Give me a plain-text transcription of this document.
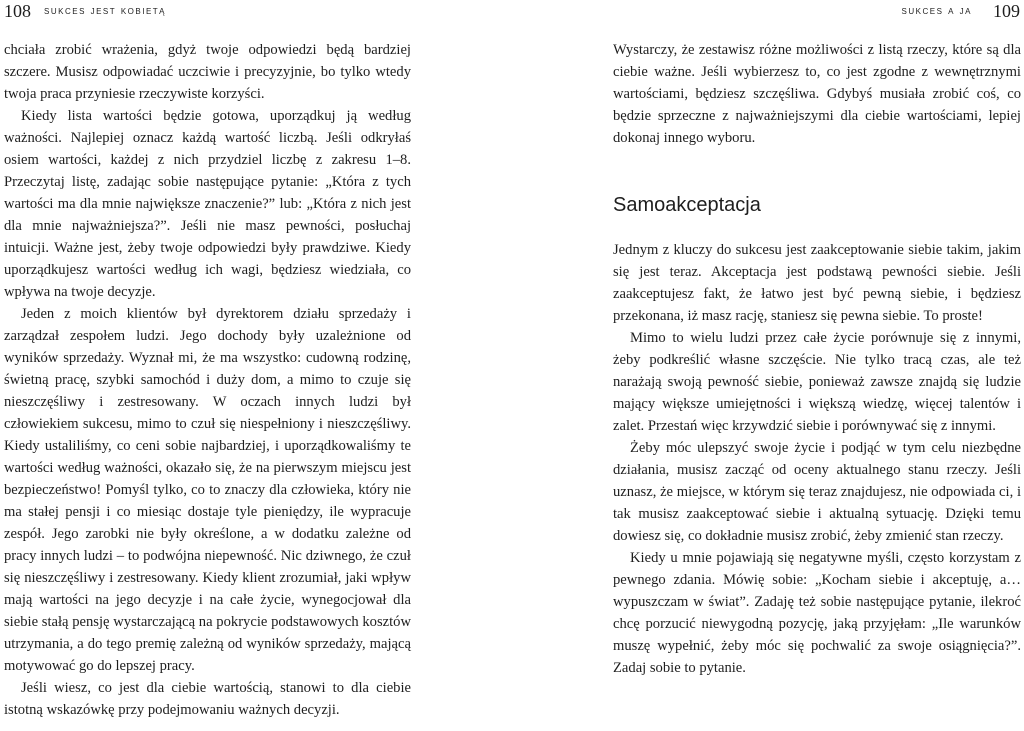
108 sukces jest kobietą

chciała zrobić wrażenia, gdyż twoje odpowiedzi będą bardziej szczere. Musisz odpowiadać uczciwie i precyzyjnie, bo tylko wtedy twoja praca przyniesie rzeczywiste korzyści.

Kiedy lista wartości będzie gotowa, uporządkuj ją według ważności. Najlepiej oznacz każdą wartość liczbą. Jeśli odkryłaś osiem wartości, każdej z nich przydziel liczbę z zakresu 1–8. Przeczytaj listę, zadając sobie następujące pytanie: „Która z tych wartości ma dla mnie największe znaczenie?” lub: „Która z nich jest dla mnie najważniejsza?”. Jeśli nie masz pewności, posłuchaj intuicji. Ważne jest, żeby twoje odpowiedzi były prawdziwe. Kiedy uporządkujesz wartości według ich wagi, będziesz wiedziała, co wpływa na twoje decyzje.

Jeden z moich klientów był dyrektorem działu sprzedaży i zarządzał zespołem ludzi. Jego dochody były uzależnione od wyników sprzedaży. Wyznał mi, że ma wszystko: cudowną rodzinę, świetną pracę, szybki samochód i duży dom, a mimo to czuje się nieszczęśliwy i zestresowany. W oczach innych ludzi był człowiekiem sukcesu, mimo to czuł się niespełniony i nieszczęśliwy. Kiedy ustaliliśmy, co ceni sobie najbardziej, i uporządkowaliśmy te wartości według ważności, okazało się, że na pierwszym miejscu jest bezpieczeństwo! Pomyśl tylko, co to znaczy dla człowieka, który nie ma stałej pensji i co miesiąc dostaje tyle pieniędzy, ile wypracuje zespół. Jego zarobki nie były określone, a w dodatku zależne od pracy innych ludzi – to podwójna niepewność. Nic dziwnego, że czuł się nieszczęśliwy i zestresowany. Kiedy klient zrozumiał, jaki wpływ mają wartości na jego decyzje i na całe życie, wynegocjował dla siebie stałą pensję wystarczającą na pokrycie podstawowych kosztów utrzymania, a do tego premię zależną od wyników sprzedaży, mającą motywować go do lepszej pracy.

Jeśli wiesz, co jest dla ciebie wartością, stanowi to dla ciebie istotną wskazówkę przy podejmowaniu ważnych decyzji.

sukces a ja 109

Wystarczy, że zestawisz różne możliwości z listą rzeczy, które są dla ciebie ważne. Jeśli wybierzesz to, co jest zgodne z wewnętrznymi wartościami, będziesz szczęśliwa. Gdybyś musiała zrobić coś, co będzie sprzeczne z najważniejszymi dla ciebie wartościami, lepiej dokonaj innego wyboru.

Samoakceptacja

Jednym z kluczy do sukcesu jest zaakceptowanie siebie takim, jakim się jest teraz. Akceptacja jest podstawą pewności siebie. Jeśli zaakceptujesz fakt, że łatwo jest być pewną siebie, i będziesz przekonana, iż masz rację, staniesz się pewna siebie. To proste!

Mimo to wielu ludzi przez całe życie porównuje się z innymi, żeby podkreślić własne szczęście. Nie tylko tracą czas, ale też narażają swoją pewność siebie, ponieważ zawsze znajdą się ludzie mający większe umiejętności i większą wiedzę, więcej talentów i zalet. Przestań więc krzywdzić siebie i porównywać się z innymi.

Żeby móc ulepszyć swoje życie i podjąć w tym celu niezbędne działania, musisz zacząć od oceny aktualnego stanu rzeczy. Jeśli uznasz, że miejsce, w którym się teraz znajdujesz, nie odpowiada ci, i tak musisz zaakceptować siebie i aktualną sytuację. Dzięki temu dowiesz się, co dokładnie musisz zrobić, żeby zmienić stan rzeczy.

Kiedy u mnie pojawiają się negatywne myśli, często korzystam z pewnego zdania. Mówię sobie: „Kocham siebie i akceptuję, a… wypuszczam w świat”. Zadaję też sobie następujące pytanie, ilekroć chcę porzucić niewygodną pozycję, jaką przyjęłam: „Ile warunków muszę wypełnić, żeby móc się pochwalić za swoje osiągnięcia?”. Zadaj sobie to pytanie.
